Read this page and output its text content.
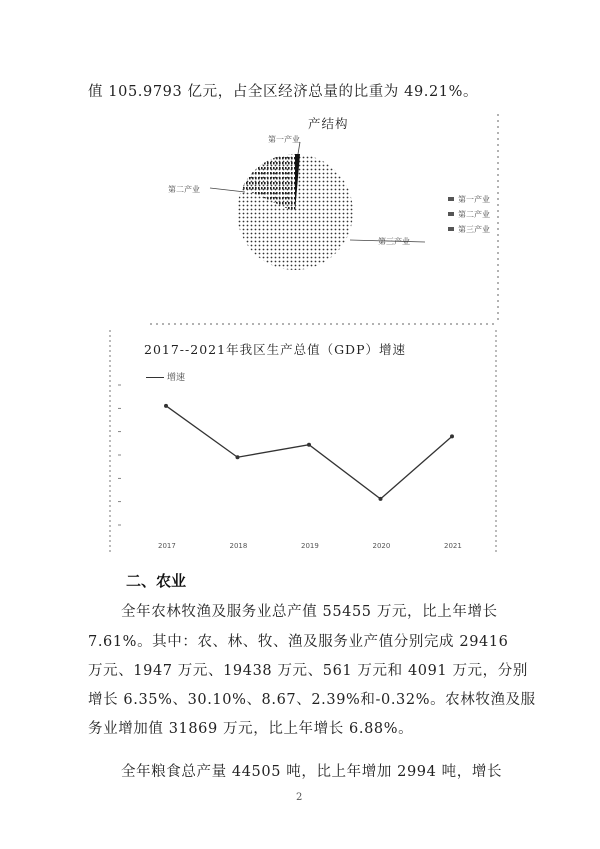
值 105.9793 亿元，占全区经济总量的比重为 49.21%。
产结构
第一产业
第二产业
第三产业
第一产业
第二产业
第三产业
2017--2021年我区生产总值（GDP）增速
增速
2017	2018	2019	2020	2021
二、农业
全年农林牧渔及服务业总产值 55455 万元，比上年增长
7.61%。其中：农、林、牧、渔及服务业产值分别完成 29416
万元、1947 万元、19438 万元、561 万元和 4091 万元，分别
增长 6.35%、30.10%、8.67、2.39%和-0.32%。农林牧渔及服
务业增加值 31869 万元，比上年增长 6.88%。
全年粮食总产量 44505 吨，比上年增加 2994 吨，增长
2
